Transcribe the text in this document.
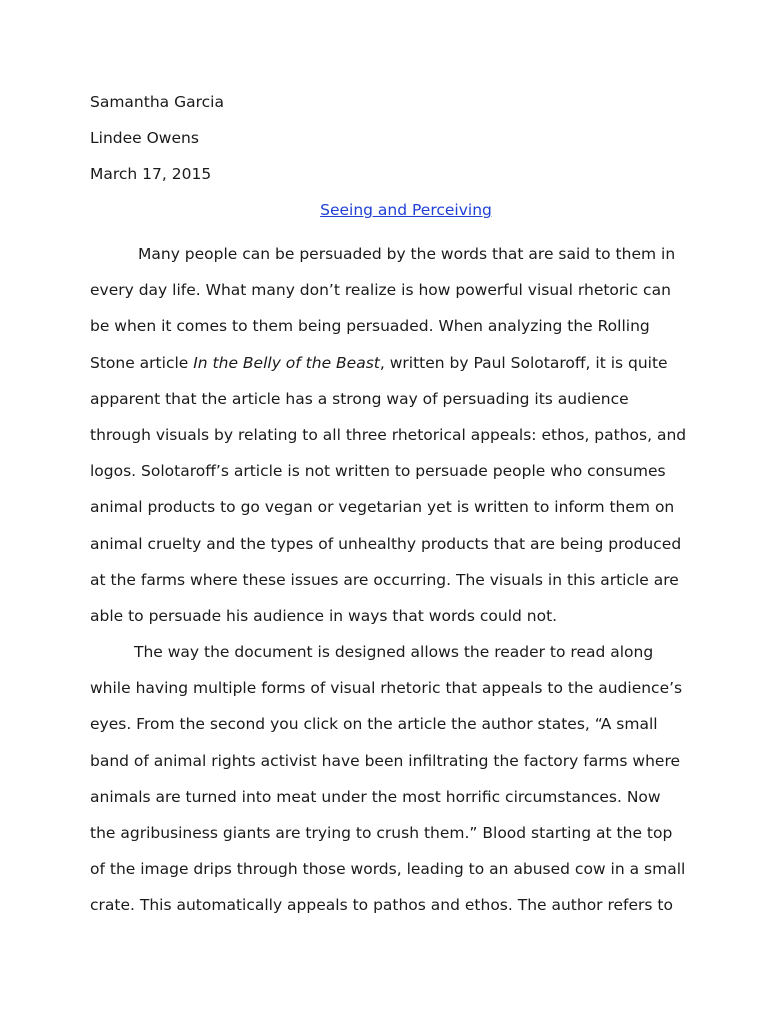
Samantha Garcia
Lindee Owens
March 17, 2015
Seeing and Perceiving
Many people can be persuaded by the words that are said to them in
every day life. What many don’t realize is how powerful visual rhetoric can
be when it comes to them being persuaded. When analyzing the Rolling
Stone article In the Belly of the Beast, written by Paul Solotaroff, it is quite
apparent that the article has a strong way of persuading its audience
through visuals by relating to all three rhetorical appeals: ethos, pathos, and
logos. Solotaroff’s article is not written to persuade people who consumes
animal products to go vegan or vegetarian yet is written to inform them on
animal cruelty and the types of unhealthy products that are being produced
at the farms where these issues are occurring. The visuals in this article are
able to persuade his audience in ways that words could not.
The way the document is designed allows the reader to read along
while having multiple forms of visual rhetoric that appeals to the audience’s
eyes. From the second you click on the article the author states, “A small
band of animal rights activist have been infiltrating the factory farms where
animals are turned into meat under the most horrific circumstances. Now
the agribusiness giants are trying to crush them.” Blood starting at the top
of the image drips through those words, leading to an abused cow in a small
crate. This automatically appeals to pathos and ethos. The author refers to
